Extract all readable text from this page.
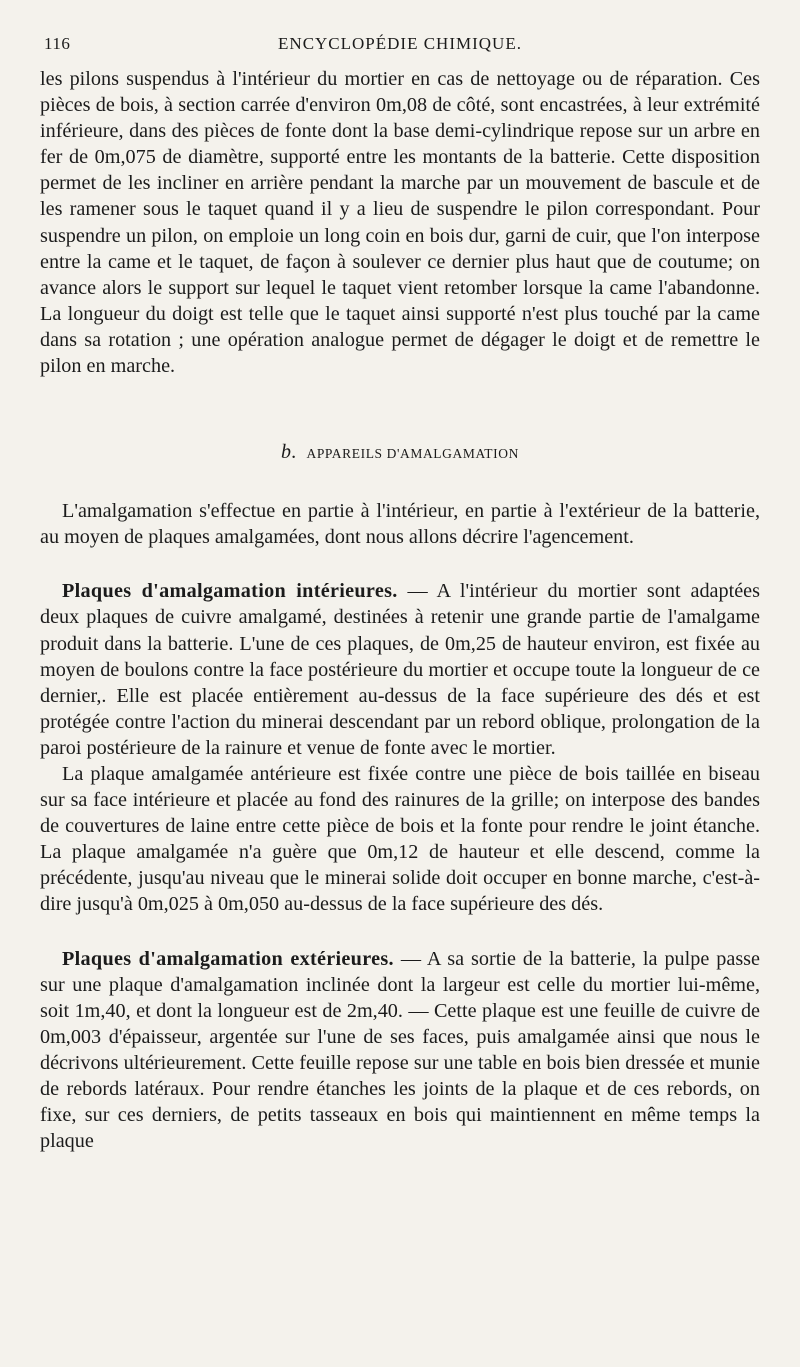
116	ENCYCLOPÉDIE CHIMIQUE.

les pilons suspendus à l'intérieur du mortier en cas de nettoyage ou de réparation. Ces pièces de bois, à section carrée d'environ 0m,08 de côté, sont encastrées, à leur extrémité inférieure, dans des pièces de fonte dont la base demi-cylindrique repose sur un arbre en fer de 0m,075 de diamètre, supporté entre les montants de la batterie. Cette disposition permet de les incliner en arrière pendant la marche par un mouvement de bascule et de les ramener sous le taquet quand il y a lieu de suspendre le pilon correspondant. Pour suspendre un pilon, on emploie un long coin en bois dur, garni de cuir, que l'on interpose entre la came et le taquet, de façon à soulever ce dernier plus haut que de coutume; on avance alors le support sur lequel le taquet vient retomber lorsque la came l'abandonne. La longueur du doigt est telle que le taquet ainsi supporté n'est plus touché par la came dans sa rotation ; une opération analogue permet de dégager le doigt et de remettre le pilon en marche.

b. APPAREILS D'AMALGAMATION

L'amalgamation s'effectue en partie à l'intérieur, en partie à l'extérieur de la batterie, au moyen de plaques amalgamées, dont nous allons décrire l'agencement.

Plaques d'amalgamation intérieures. — A l'intérieur du mortier sont adaptées deux plaques de cuivre amalgamé, destinées à retenir une grande partie de l'amalgame produit dans la batterie. L'une de ces plaques, de 0m,25 de hauteur environ, est fixée au moyen de boulons contre la face postérieure du mortier et occupe toute la longueur de ce dernier,. Elle est placée entièrement au-dessus de la face supérieure des dés et est protégée contre l'action du minerai descendant par un rebord oblique, prolongation de la paroi postérieure de la rainure et venue de fonte avec le mortier.

La plaque amalgamée antérieure est fixée contre une pièce de bois taillée en biseau sur sa face intérieure et placée au fond des rainures de la grille; on interpose des bandes de couvertures de laine entre cette pièce de bois et la fonte pour rendre le joint étanche. La plaque amalgamée n'a guère que 0m,12 de hauteur et elle descend, comme la précédente, jusqu'au niveau que le minerai solide doit occuper en bonne marche, c'est-à-dire jusqu'à 0m,025 à 0m,050 au-dessus de la face supérieure des dés.

Plaques d'amalgamation extérieures. — A sa sortie de la batterie, la pulpe passe sur une plaque d'amalgamation inclinée dont la largeur est celle du mortier lui-même, soit 1m,40, et dont la longueur est de 2m,40. — Cette plaque est une feuille de cuivre de 0m,003 d'épaisseur, argentée sur l'une de ses faces, puis amalgamée ainsi que nous le décrivons ultérieurement. Cette feuille repose sur une table en bois bien dressée et munie de rebords latéraux. Pour rendre étanches les joints de la plaque et de ces rebords, on fixe, sur ces derniers, de petits tasseaux en bois qui maintiennent en même temps la plaque
